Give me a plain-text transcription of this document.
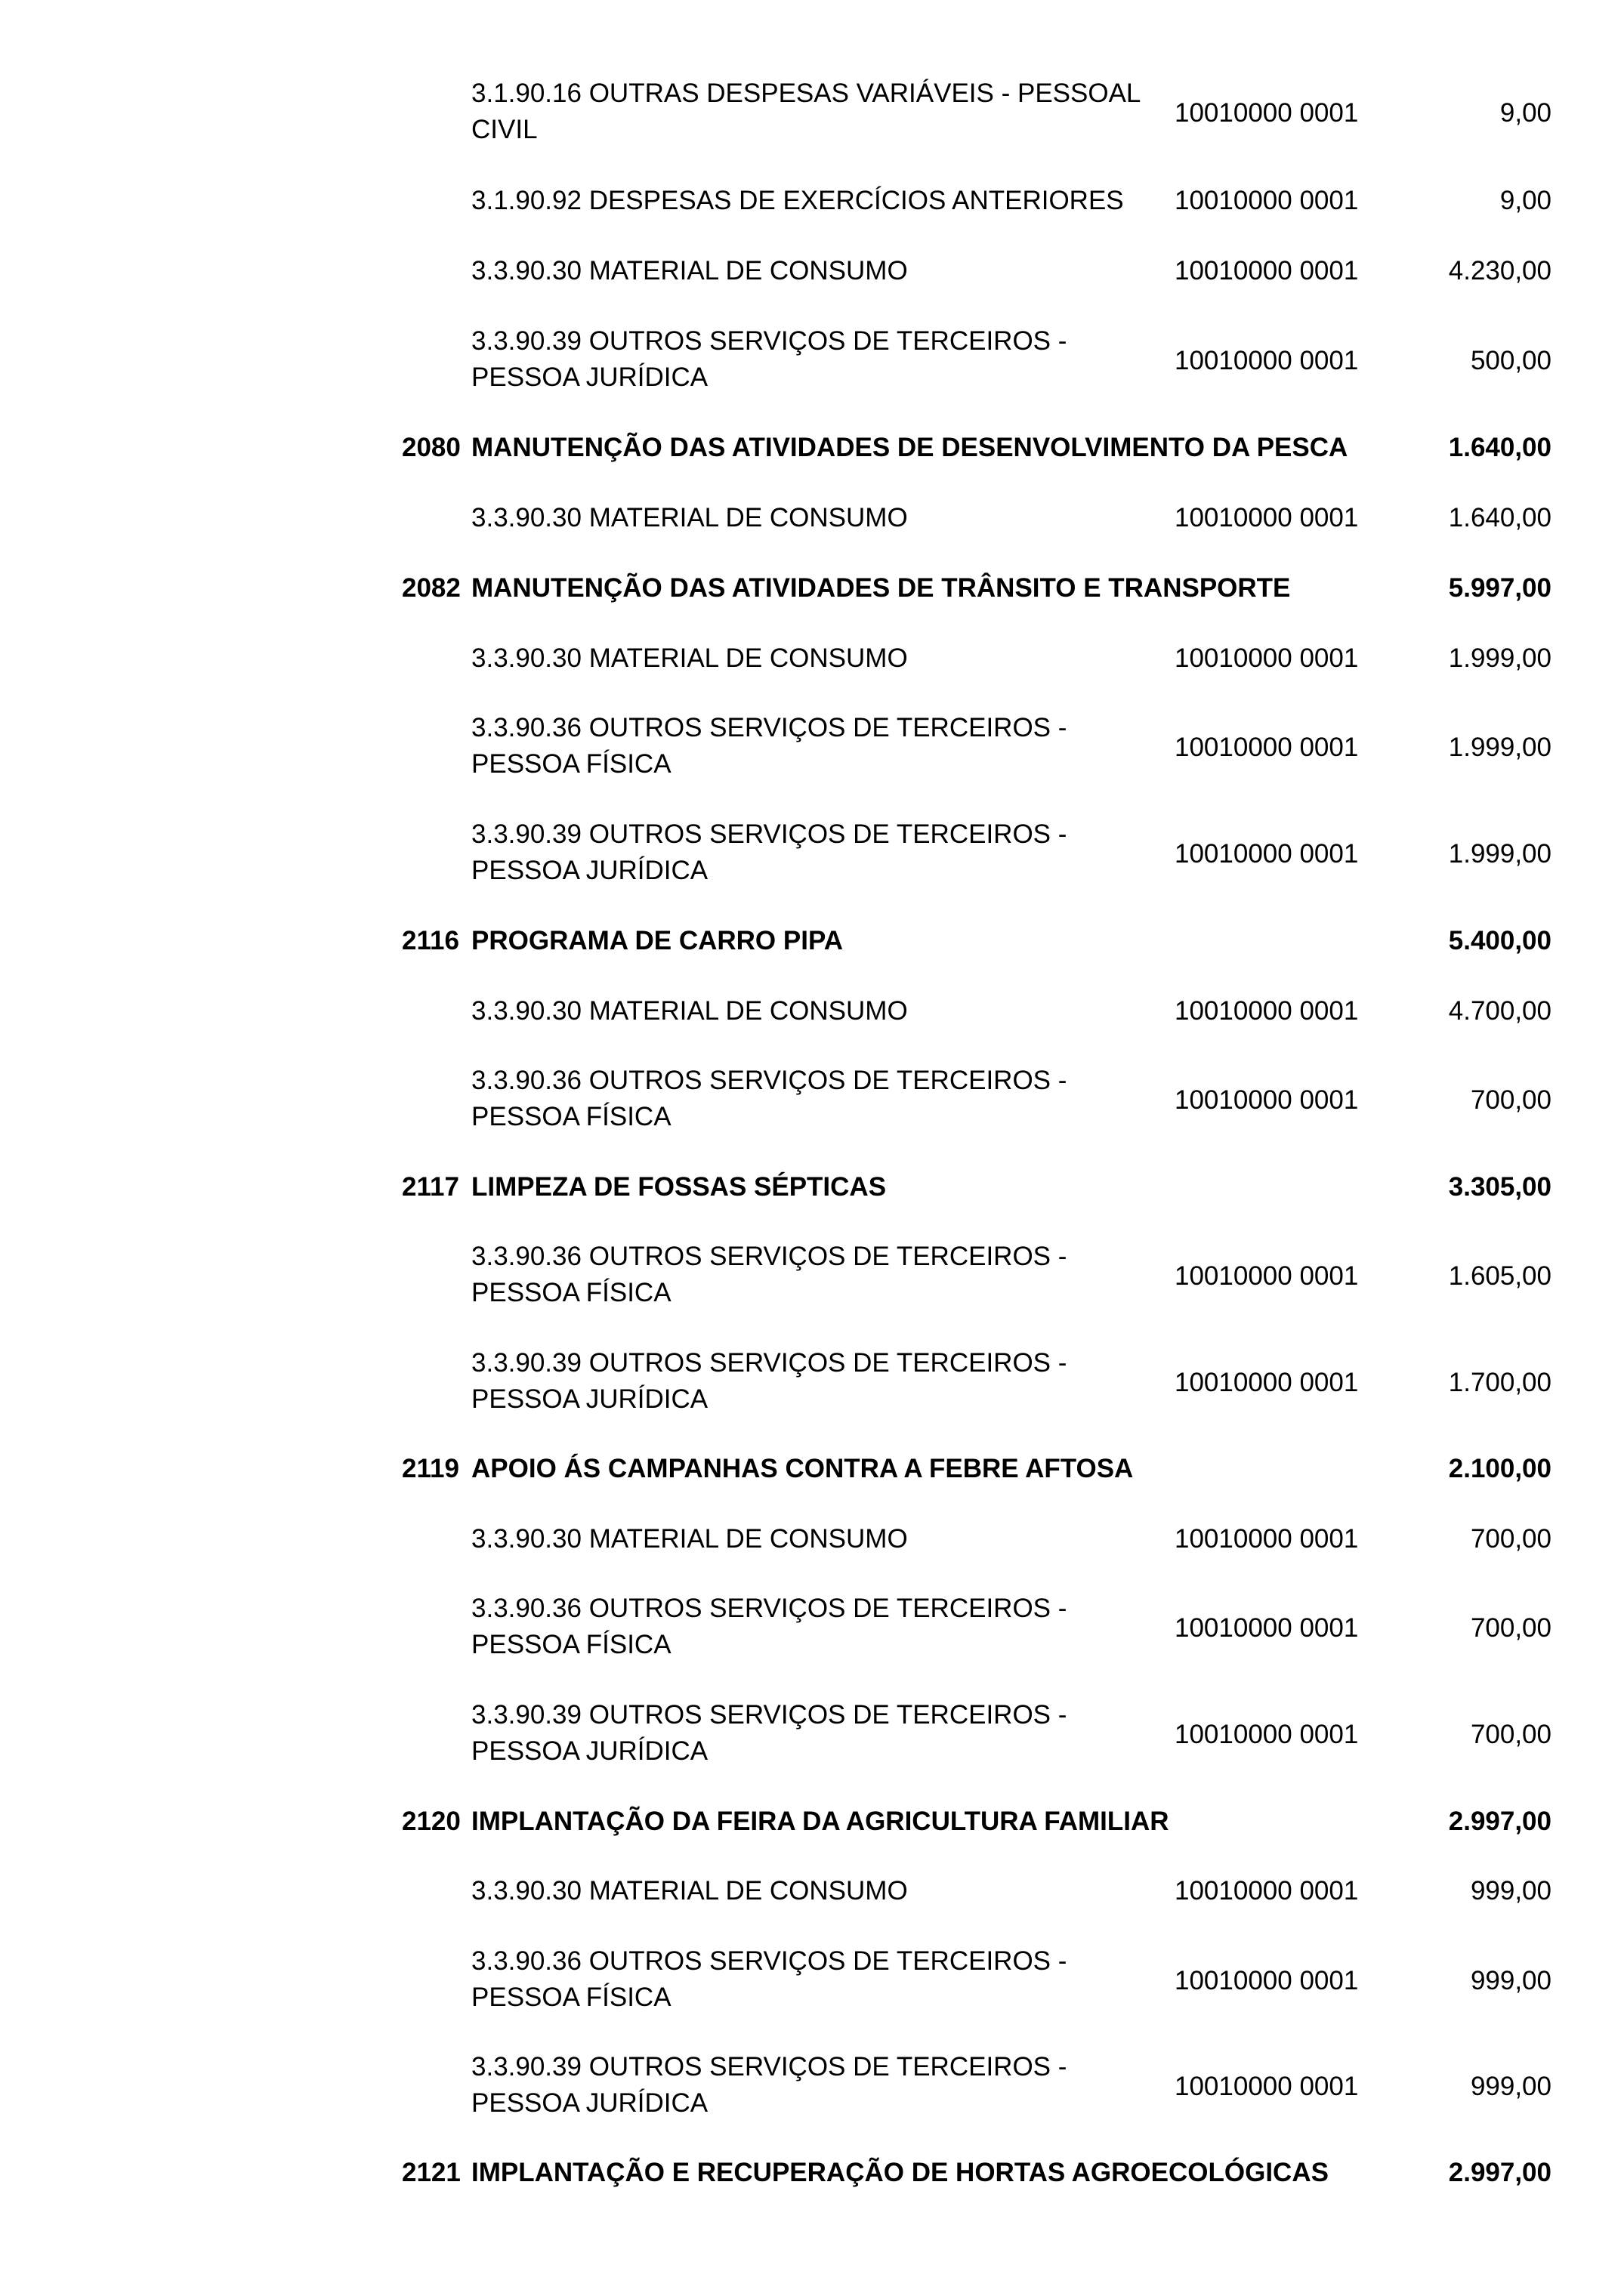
3.1.90.16 OUTRAS DESPESAS VARIÁVEIS - PESSOAL
CIVIL
10010000 0001	9,00
3.1.90.92 DESPESAS DE EXERCÍCIOS ANTERIORES	10010000 0001	9,00
3.3.90.30 MATERIAL DE CONSUMO	10010000 0001	4.230,00
3.3.90.39 OUTROS SERVIÇOS DE TERCEIROS -
PESSOA JURÍDICA
10010000 0001	500,00
2080 MANUTENÇÃO DAS ATIVIDADES DE DESENVOLVIMENTO DA PESCA	1.640,00
3.3.90.30 MATERIAL DE CONSUMO	10010000 0001	1.640,00
2082 MANUTENÇÃO DAS ATIVIDADES DE TRÂNSITO E TRANSPORTE	5.997,00
3.3.90.30 MATERIAL DE CONSUMO	10010000 0001	1.999,00
3.3.90.36 OUTROS SERVIÇOS DE TERCEIROS -
PESSOA FÍSICA
10010000 0001	1.999,00
3.3.90.39 OUTROS SERVIÇOS DE TERCEIROS -
PESSOA JURÍDICA
10010000 0001	1.999,00
2116 PROGRAMA DE CARRO PIPA	5.400,00
3.3.90.30 MATERIAL DE CONSUMO	10010000 0001	4.700,00
3.3.90.36 OUTROS SERVIÇOS DE TERCEIROS -
PESSOA FÍSICA
10010000 0001	700,00
2117 LIMPEZA DE FOSSAS SÉPTICAS	3.305,00
3.3.90.36 OUTROS SERVIÇOS DE TERCEIROS -
PESSOA FÍSICA
10010000 0001	1.605,00
3.3.90.39 OUTROS SERVIÇOS DE TERCEIROS -
PESSOA JURÍDICA
10010000 0001	1.700,00
2119 APOIO ÁS CAMPANHAS CONTRA A FEBRE AFTOSA	2.100,00
3.3.90.30 MATERIAL DE CONSUMO	10010000 0001	700,00
3.3.90.36 OUTROS SERVIÇOS DE TERCEIROS -
PESSOA FÍSICA
10010000 0001	700,00
3.3.90.39 OUTROS SERVIÇOS DE TERCEIROS -
PESSOA JURÍDICA
10010000 0001	700,00
2120 IMPLANTAÇÃO DA FEIRA DA AGRICULTURA FAMILIAR	2.997,00
3.3.90.30 MATERIAL DE CONSUMO	10010000 0001	999,00
3.3.90.36 OUTROS SERVIÇOS DE TERCEIROS -
PESSOA FÍSICA
10010000 0001	999,00
3.3.90.39 OUTROS SERVIÇOS DE TERCEIROS -
PESSOA JURÍDICA
10010000 0001	999,00
2121 IMPLANTAÇÃO E RECUPERAÇÃO DE HORTAS AGROECOLÓGICAS	2.997,00
